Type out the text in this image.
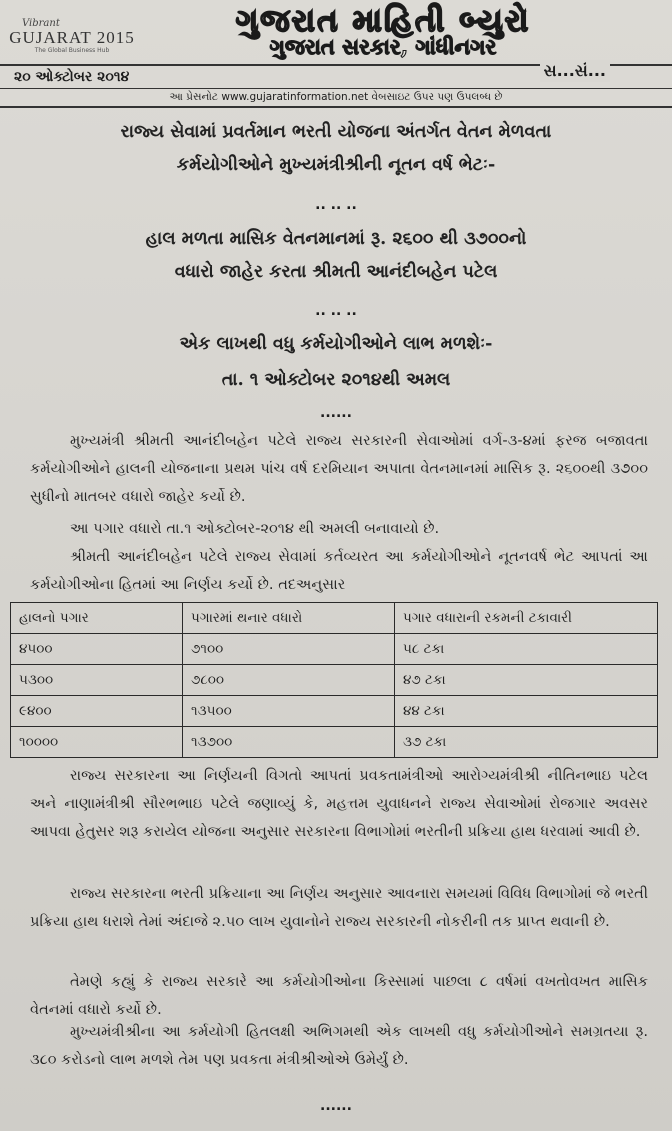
Vibrant
GUJARAT 2015
The Global Business Hub
ગુજરાત માહિતી બ્યુરો
ગુજરાત સરકાર, ગાંધીનગર
૨૦ ઓક્ટોબર ૨૦૧૪	સ...સં...
આ પ્રેસનોટ www.gujaratinformation.net વેબસાઇટ ઉપર પણ ઉપલબ્ધ છે
રાજ્ય સેવામાં પ્રવર્તમાન ભરતી યોજના અંતર્ગત વેતન મેળવતા
કર્મયોગીઓને મુખ્યમંત્રીશ્રીની નૂતન વર્ષ ભેટઃ-
.. .. ..
હાલ મળતા માસિક વેતનમાનમાં રૂ. ૨૬૦૦ થી ૩૭૦૦નો
વધારો જાહેર કરતા શ્રીમતી આનંદીબહેન પટેલ
.. .. ..
એક લાખથી વધુ કર્મયોગીઓને લાભ મળશેઃ-
તા. ૧ ઓક્ટોબર ૨૦૧૪થી અમલ
......
મુખ્યમંત્રી શ્રીમતી આનંદીબહેન પટેલે રાજ્ય સરકારની સેવાઓમાં વર્ગ-૩-૪માં ફરજ બજાવતા કર્મયોગીઓને હાલની યોજનાના પ્રથમ પાંચ વર્ષ દરમિયાન અપાતા વેતનમાનમાં માસિક રૂ. ૨૬૦૦થી ૩૭૦૦ સુધીનો માતબર વધારો જાહેર કર્યો છે.
આ પગાર વધારો તા.૧ ઓક્ટોબર-૨૦૧૪ થી અમલી બનાવાયો છે.
શ્રીમતી આનંદીબહેન પટેલે રાજ્ય સેવામાં કર્તવ્યરત આ કર્મયોગીઓને નૂતનવર્ષ ભેટ આપતાં આ કર્મયોગીઓના હિતમાં આ નિર્ણય કર્યો છે. તદઅનુસાર
હાલનો પગાર	પગારમાં થનાર વધારો	પગાર વધારાની રકમની ટકાવારી
૪૫૦૦	૭૧૦૦	૫૮ ટકા
૫૩૦૦	૭૮૦૦	૪૭ ટકા
૯૪૦૦	૧૩૫૦૦	૪૪ ટકા
૧૦૦૦૦	૧૩૭૦૦	૩૭ ટકા
રાજ્ય સરકારના આ નિર્ણયની વિગતો આપતાં પ્રવકતામંત્રીઓ આરોગ્યમંત્રીશ્રી નીતિનભાઇ પટેલ અને નાણામંત્રીશ્રી સૌરભભાઇ પટેલે જણાવ્યું કે, મહત્તમ યુવાધનને રાજ્ય સેવાઓમાં રોજગાર અવસર આપવા હેતુસર શરૂ કરાયેલ યોજના અનુસાર સરકારના વિભાગોમાં ભરતીની પ્રક્રિયા હાથ ધરવામાં આવી છે.
રાજ્ય સરકારના ભરતી પ્રક્રિયાના આ નિર્ણય અનુસાર આવનારા સમયમાં વિવિધ વિભાગોમાં જે ભરતી પ્રક્રિયા હાથ ધરાશે તેમાં અંદાજે ૨.૫૦ લાખ યુવાનોને રાજ્ય સરકારની નોકરીની તક પ્રાપ્ત થવાની છે.
તેમણે કહ્યું કે રાજ્ય સરકારે આ કર્મયોગીઓના કિસ્સામાં પાછલા ૮ વર્ષમાં વખતોવખત માસિક વેતનમાં વધારો કર્યો છે.
મુખ્યમંત્રીશ્રીના આ કર્મયોગી હિતલક્ષી અભિગમથી એક લાખથી વધુ કર્મયોગીઓને સમગ્રતયા રૂ. ૩૮૦ કરોડનો લાભ મળશે તેમ પણ પ્રવકતા મંત્રીશ્રીઓએ ઉમેર્યું છે.
......
